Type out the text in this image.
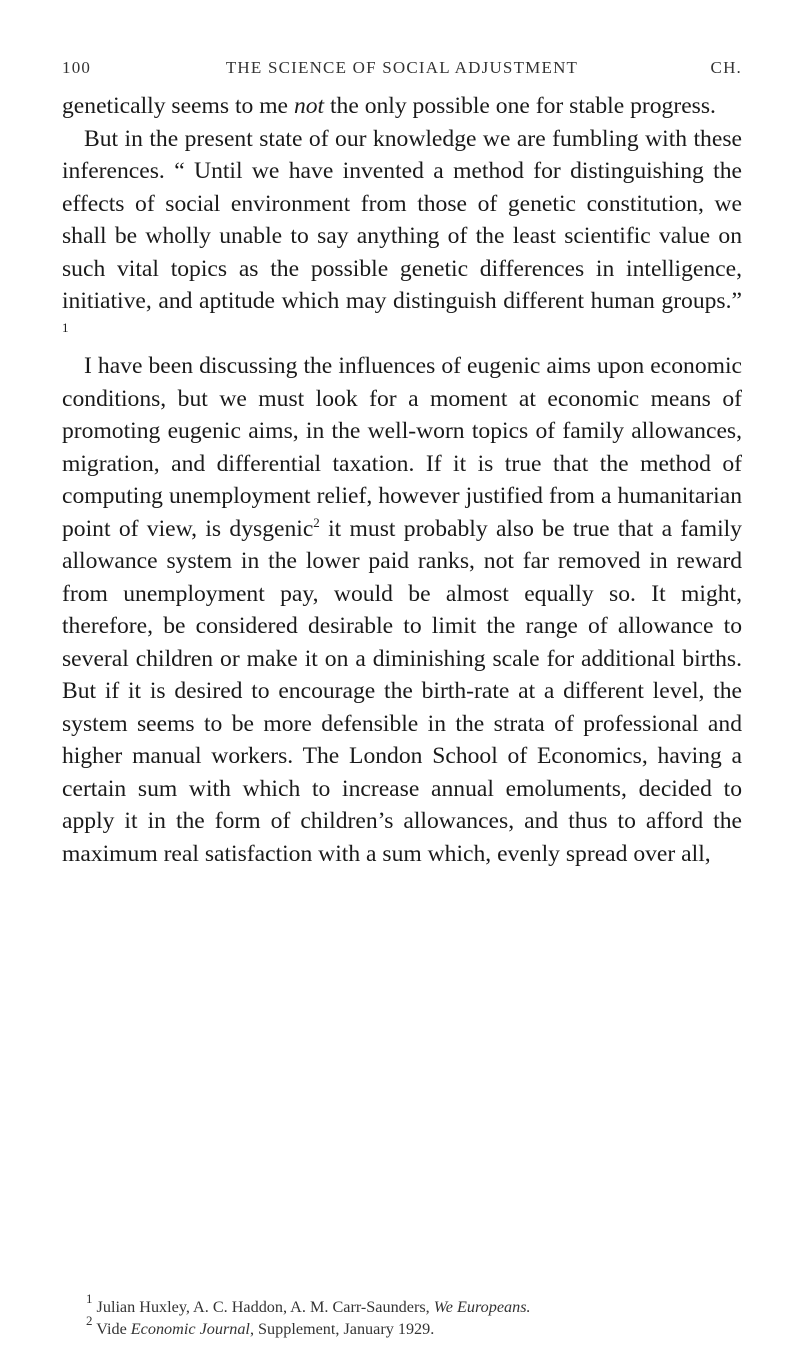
100	THE SCIENCE OF SOCIAL ADJUSTMENT	CH.

genetically seems to me not the only possible one for stable progress.

But in the present state of our knowledge we are fumbling with these inferences. “ Until we have invented a method for distinguishing the effects of social environment from those of genetic constitution, we shall be wholly unable to say anything of the least scientific value on such vital topics as the possible genetic differences in intelligence, initiative, and aptitude which may distinguish different human groups.” $^1$

I have been discussing the influences of eugenic aims upon economic conditions, but we must look for a moment at economic means of promoting eugenic aims, in the well-worn topics of family allowances, migration, and differential taxation. If it is true that the method of computing unemployment relief, however justified from a humanitarian point of view, is dysgenic$^2$ it must probably also be true that a family allowance system in the lower paid ranks, not far removed in reward from unemployment pay, would be almost equally so. It might, therefore, be considered desirable to limit the range of allowance to several children or make it on a diminishing scale for additional births. But if it is desired to encourage the birth-rate at a different level, the system seems to be more defensible in the strata of professional and higher manual workers. The London School of Economics, having a certain sum with which to increase annual emoluments, decided to apply it in the form of children’s allowances, and thus to afford the maximum real satisfaction with a sum which, evenly spread over all,

$^1$ Julian Huxley, A. C. Haddon, A. M. Carr-Saunders, We Europeans.
$^2$ Vide Economic Journal, Supplement, January 1929.
